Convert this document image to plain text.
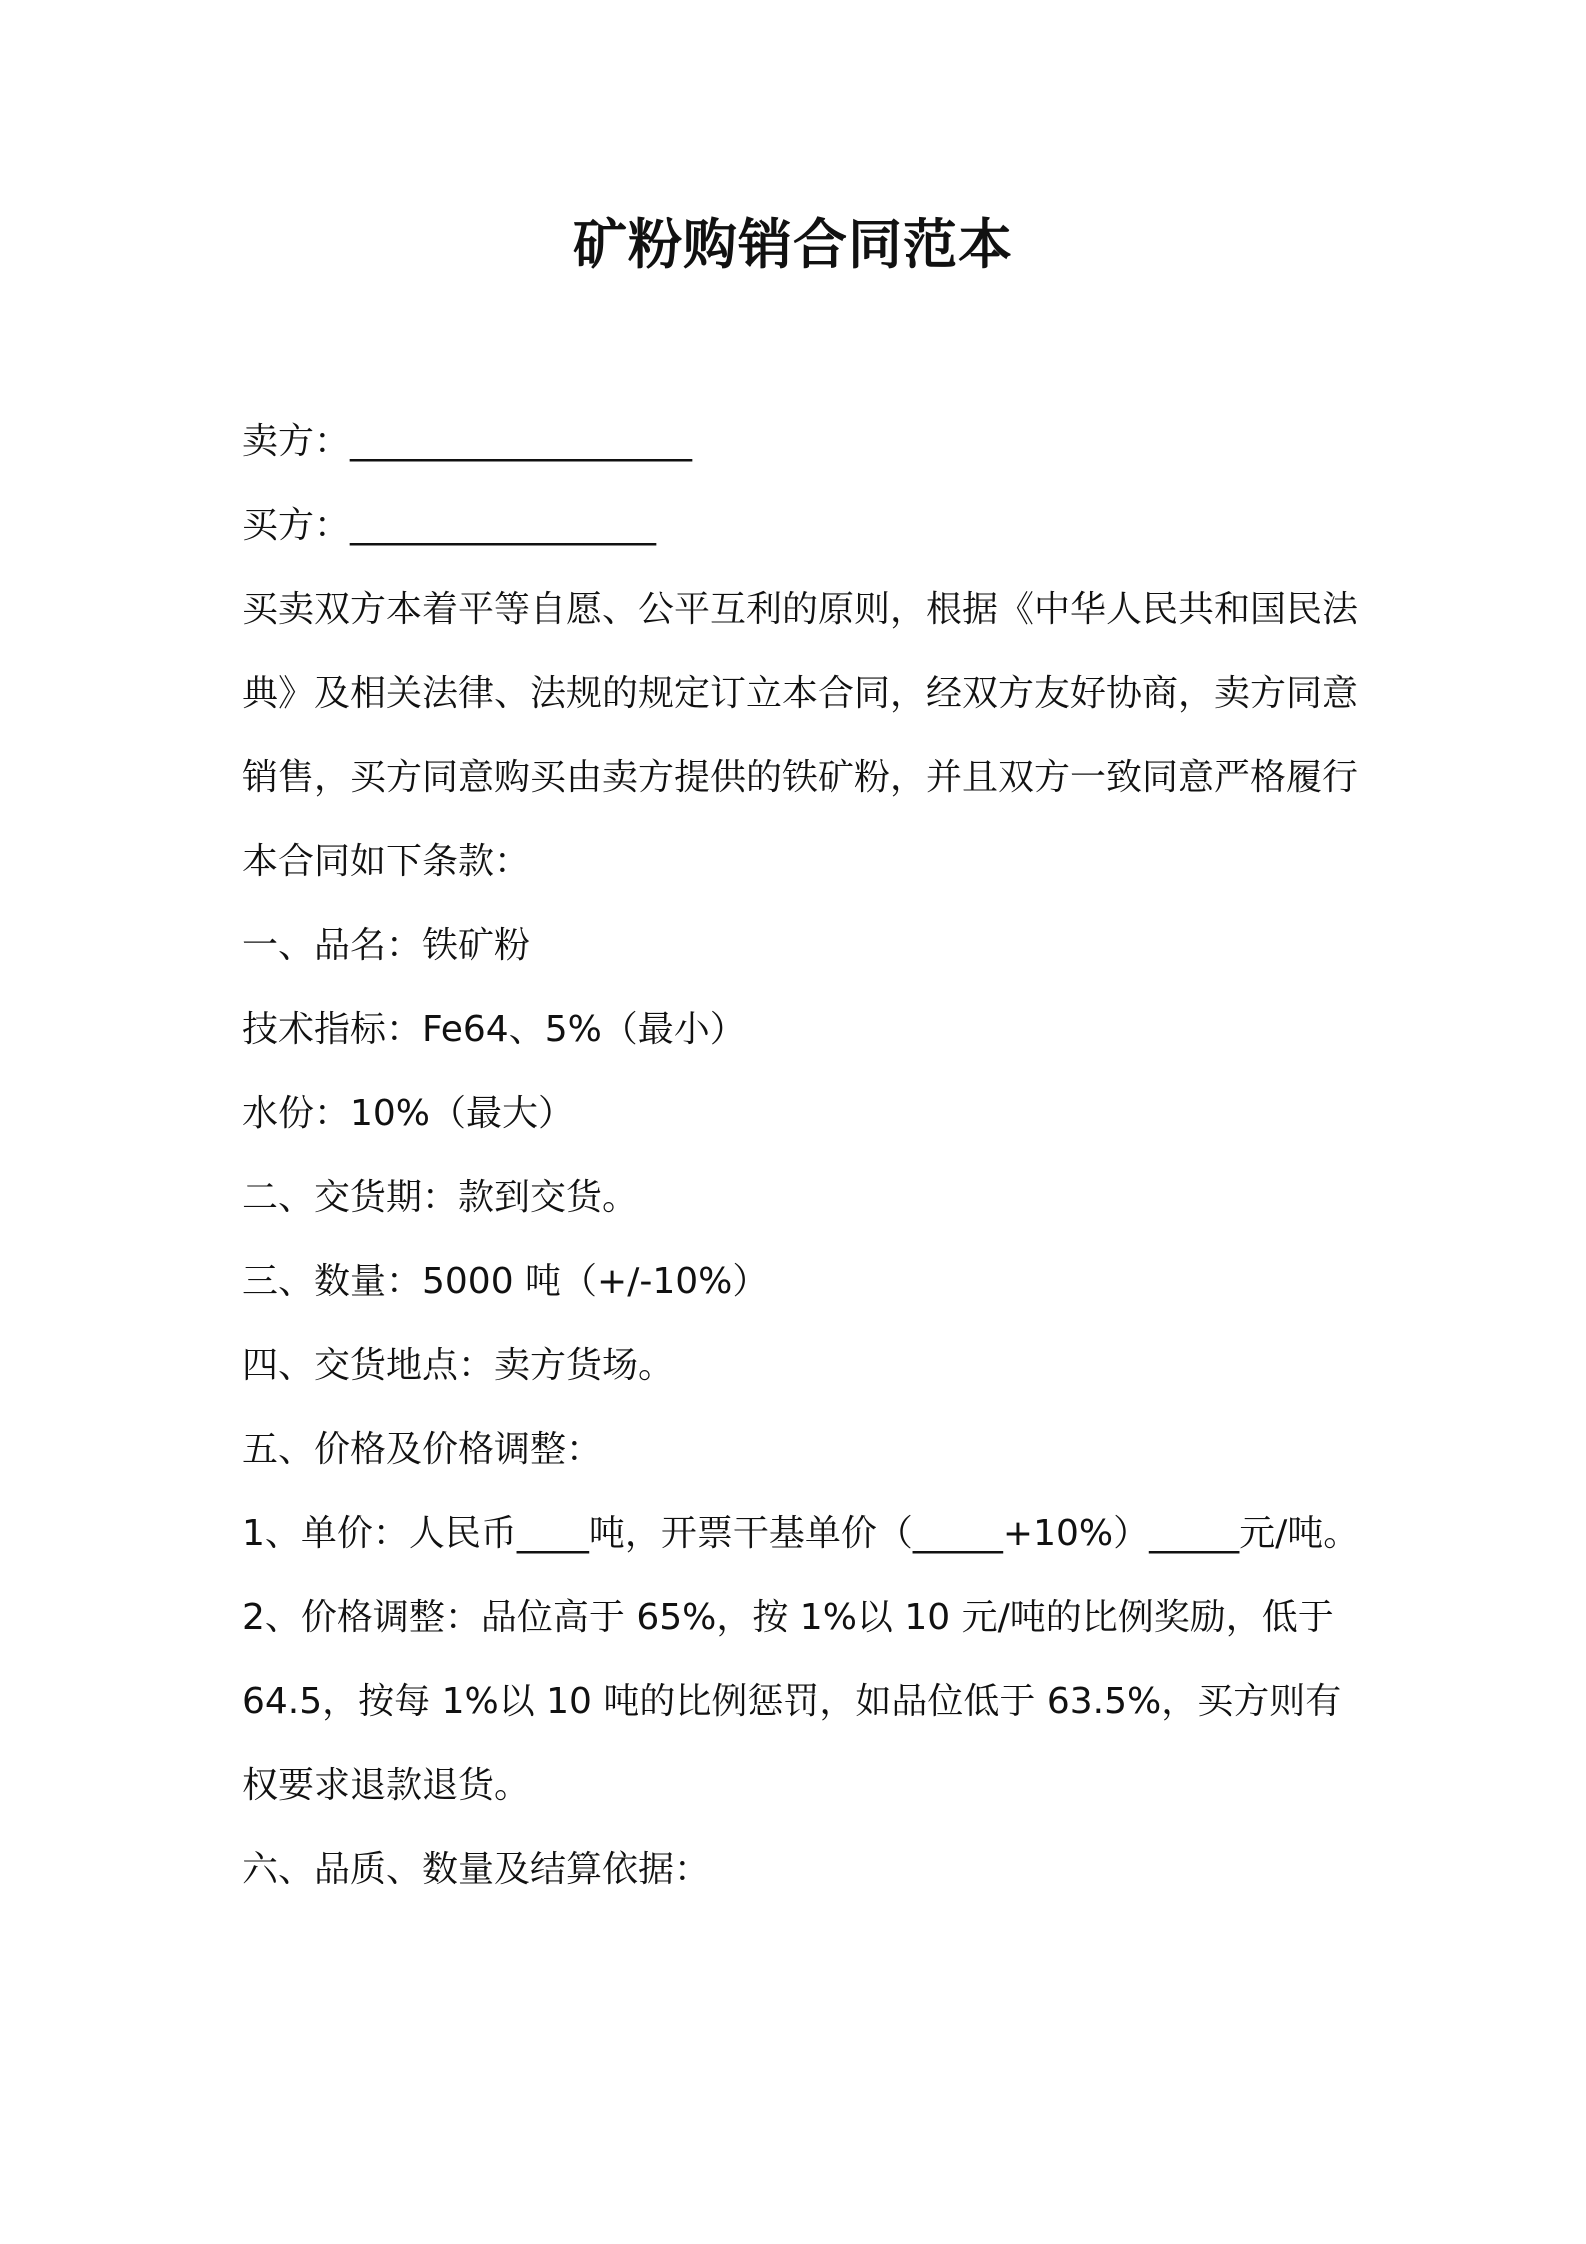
矿粉购销合同范本

卖方：___________________

买方：_________________

买卖双方本着平等自愿、公平互利的原则，根据《中华人民共和国民法典》及相关法律、法规的规定订立本合同，经双方友好协商，卖方同意销售，买方同意购买由卖方提供的铁矿粉，并且双方一致同意严格履行本合同如下条款：

一、品名：铁矿粉

技术指标：Fe64、5%（最小）

水份：10%（最大）

二、交货期：款到交货。

三、数量：5000 吨（+/-10%）

四、交货地点：卖方货场。

五、价格及价格调整：

1、单价：人民币____吨，开票干基单价（_____+10%）_____元/吨。

2、价格调整：品位高于 65%，按 1%以 10 元/吨的比例奖励，低于 64.5，按每 1%以 10 吨的比例惩罚，如品位低于 63.5%，买方则有权要求退款退货。

六、品质、数量及结算依据：
